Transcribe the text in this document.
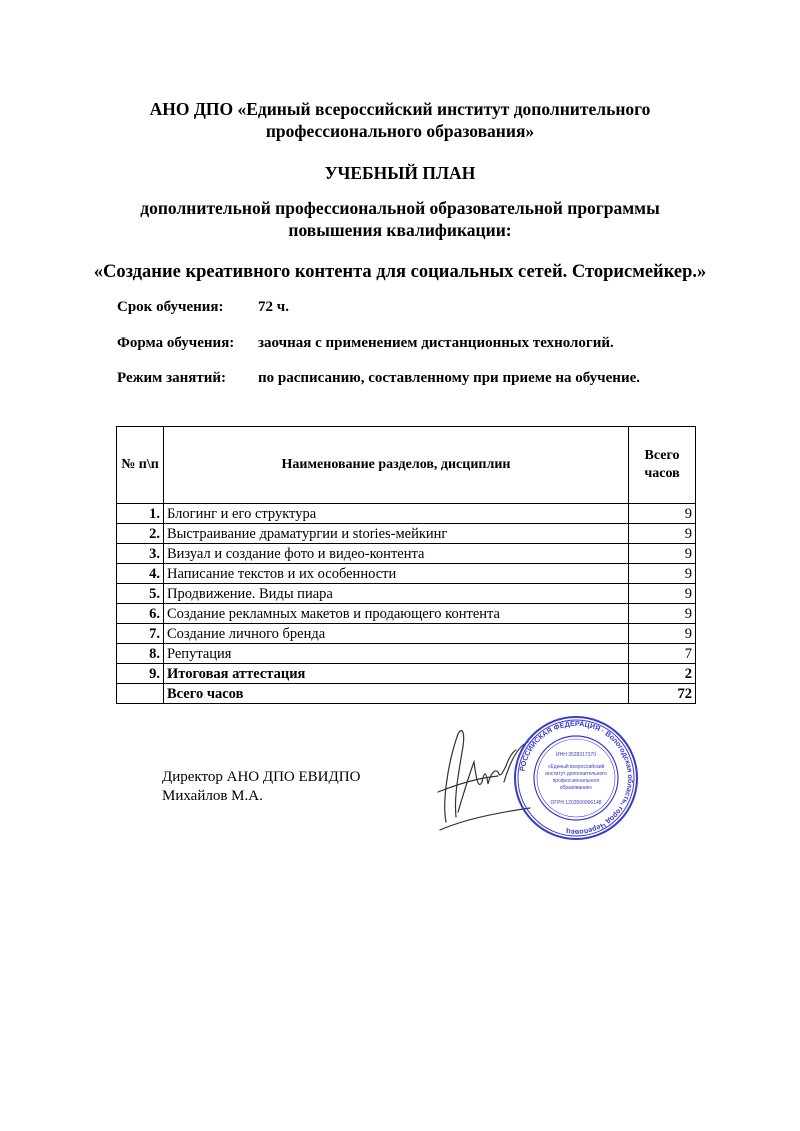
АНО ДПО «Единый всероссийский институт дополнительного
профессионального образования»
УЧЕБНЫЙ ПЛАН
дополнительной профессиональной образовательной программы
повышения квалификации:
«Создание креативного контента для социальных сетей. Сторисмейкер.»
Срок обучения: 72 ч.
Форма обучения: заочная с применением дистанционных технологий.
Режим занятий: по расписанию, составленному при приеме на обучение.
№ п\п	Наименование разделов, дисциплин	Всего
часов
1.	Блогинг и его структура	9
2.	Выстраивание драматургии и stories-мейкинг	9
3.	Визуал и создание фото и видео-контента	9
4.	Написание текстов и их особенности	9
5.	Продвижение. Виды пиара	9
6.	Создание рекламных макетов и продающего контента	9
7.	Создание личного бренда	9
8.	Репутация	7
9.	Итоговая аттестация	2
	Всего часов	72
Директор АНО ДПО ЕВИДПО
Михайлов М.А.
РОССИЙСКАЯ ФЕДЕРАЦИЯ · Вологодская область, город Череповец
ИНН 3528317370
«Единый всероссийский
институт дополнительного
профессионального
образования»
ОГРН 1203500006148
